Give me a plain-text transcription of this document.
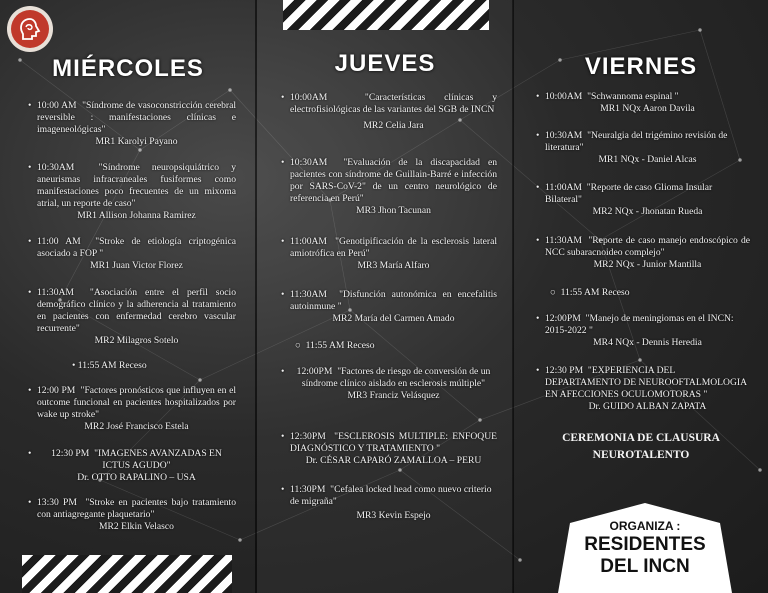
MIÉRCOLES
• 10:00 AM "Síndrome de vasoconstricción cerebral reversible : manifestaciones clínicas e imageneológicas"
MR1 Karolyi Payano
• 10:30AM	"Síndrome neuropsiquiátrico y aneurismas infracraneales fusiformes como manifestaciones poco frecuentes de un mixoma atrial, un reporte de caso"
MR1 Allison Johanna Ramirez
• 11:00 AM "Stroke de etiología criptogénica asociado a FOP "
MR1 Juan Victor Florez
• 11:30AM "Asociación entre el perfil socio demográfico clínico y la adherencia al tratamiento en pacientes con enfermedad cerebro vascular recurrente"
MR2 Milagros Sotelo
• 11:55 AM Receso
• 12:00 PM "Factores pronósticos que influyen en el outcome funcional en pacientes hospitalizados por wake up stroke"
MR2 José Francisco Estela
•	12:30 PM "IMAGENES AVANZADAS EN ICTUS AGUDO"
Dr. OTTO RAPALINO – USA
• 13:30 PM "Stroke en pacientes bajo tratamiento con antiagregante plaquetario"
MR2 Elkin Velasco
JUEVES
• 10:00AM	"Características clínicas y electrofisiológicas de las variantes del SGB de INCN
MR2 Celia Jara
• 10:30AM "Evaluación de la discapacidad en pacientes con síndrome de Guillain-Barré e infección por SARS-CoV-2" de un centro neurológico de referencia en Perú"
MR3 Jhon Tacunan
• 11:00AM "Genotipificación de la esclerosis lateral amiotrófica en Perú"
MR3 María Alfaro
• 11:30AM "Disfunción autonómica en encefalitis autoinmune "
MR2 María del Carmen Amado
○  11:55 AM Receso
•	12:00PM "Factores de riesgo de conversión de un síndrome clínico aislado en esclerosis múltiple"
MR3 Franciz Velásquez
• 12:30PM "ESCLEROSIS MULTIPLE: ENFOQUE DIAGNÓSTICO Y TRATAMIENTO "
Dr. CÉSAR CAPARÓ ZAMALLOA – PERU
• 11:30PM "Cefalea locked head como nuevo criterio de migraña"
MR3 Kevin Espejo
VIERNES
• 10:00AM "Schwannoma espinal "
MR1 NQx Aaron Davila
• 10:30AM "Neuralgia del trigémino revisión de literatura"
MR1 NQx - Daniel Alcas
• 11:00AM "Reporte de caso Glioma Insular Bilateral"
MR2 NQx - Jhonatan Rueda
• 11:30AM "Reporte de caso manejo endoscópico de NCC subaracnoideo complejo"
MR2 NQx - Junior Mantilla
○  11:55 AM Receso
• 12:00PM "Manejo de meningiomas en el INCN: 2015-2022 "
MR4 NQx - Dennis Heredia
• 12:30 PM "EXPERIENCIA DEL DEPARTAMENTO DE NEUROOFTALMOLOGIA EN AFECCIONES OCULOMOTORAS "
Dr. GUIDO ALBAN ZAPATA
CEREMONIA DE CLAUSURA
NEUROTALENTO
ORGANIZA :
RESIDENTES
DEL INCN
